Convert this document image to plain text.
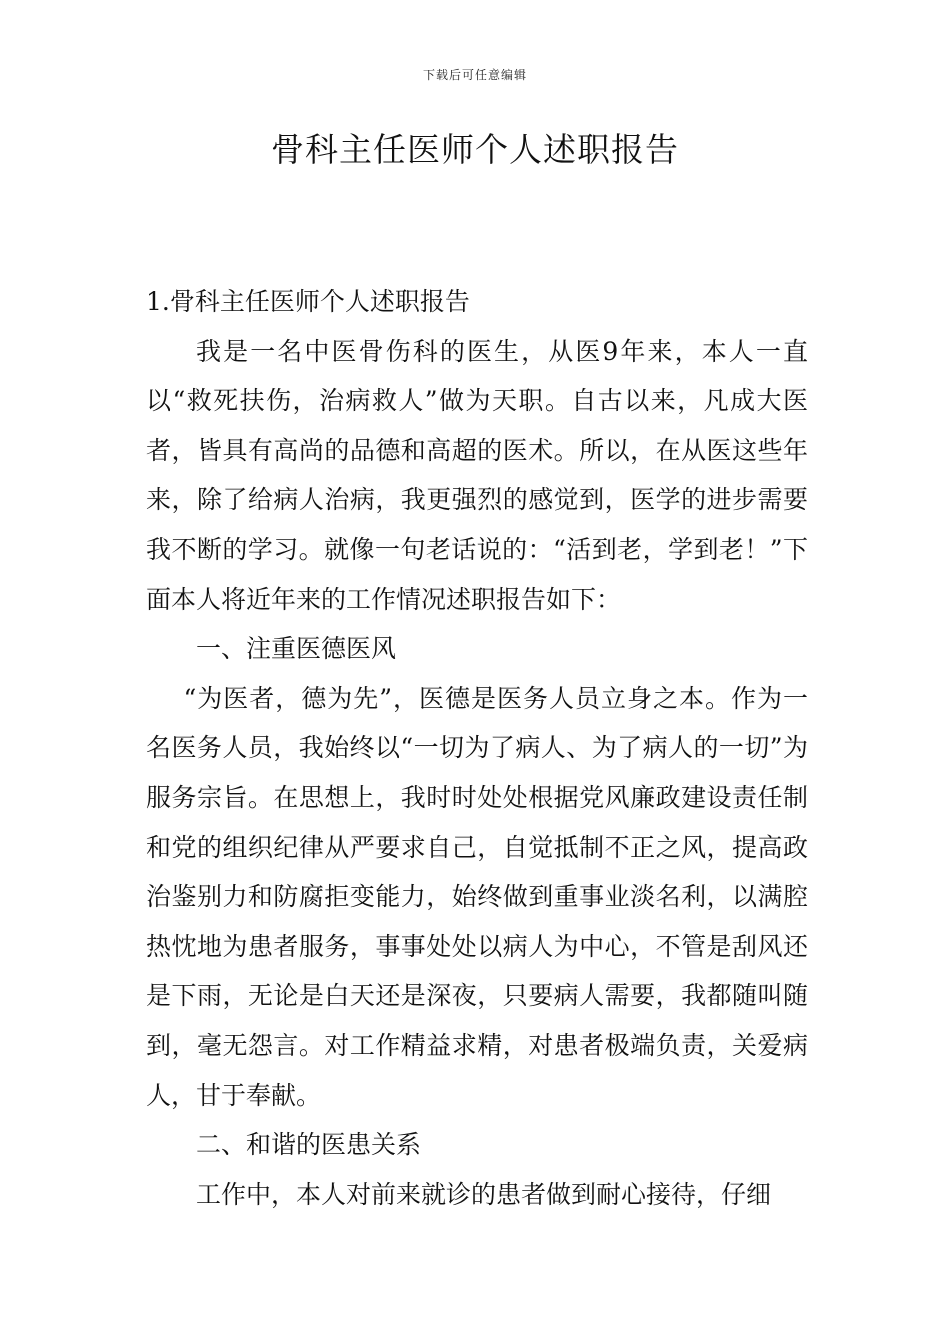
下载后可任意编辑
骨科主任医师个人述职报告

1.骨科主任医师个人述职报告

我是一名中医骨伤科的医生，从医9年来，本人一直以“救死扶伤，治病救人”做为天职。自古以来，凡成大医者，皆具有高尚的品德和高超的医术。所以，在从医这些年来，除了给病人治病，我更强烈的感觉到，医学的进步需要我不断的学习。就像一句老话说的：“活到老，学到老！”下面本人将近年来的工作情况述职报告如下：

一、注重医德医风

“为医者，德为先”，医德是医务人员立身之本。作为一名医务人员，我始终以“一切为了病人、为了病人的一切”为服务宗旨。在思想上，我时时处处根据党风廉政建设责任制和党的组织纪律从严要求自己，自觉抵制不正之风，提高政治鉴别力和防腐拒变能力，始终做到重事业淡名利，以满腔热忱地为患者服务，事事处处以病人为中心，不管是刮风还是下雨，无论是白天还是深夜，只要病人需要，我都随叫随到，毫无怨言。对工作精益求精，对患者极端负责，关爱病人，甘于奉献。

二、和谐的医患关系

工作中，本人对前来就诊的患者做到耐心接待，仔细
